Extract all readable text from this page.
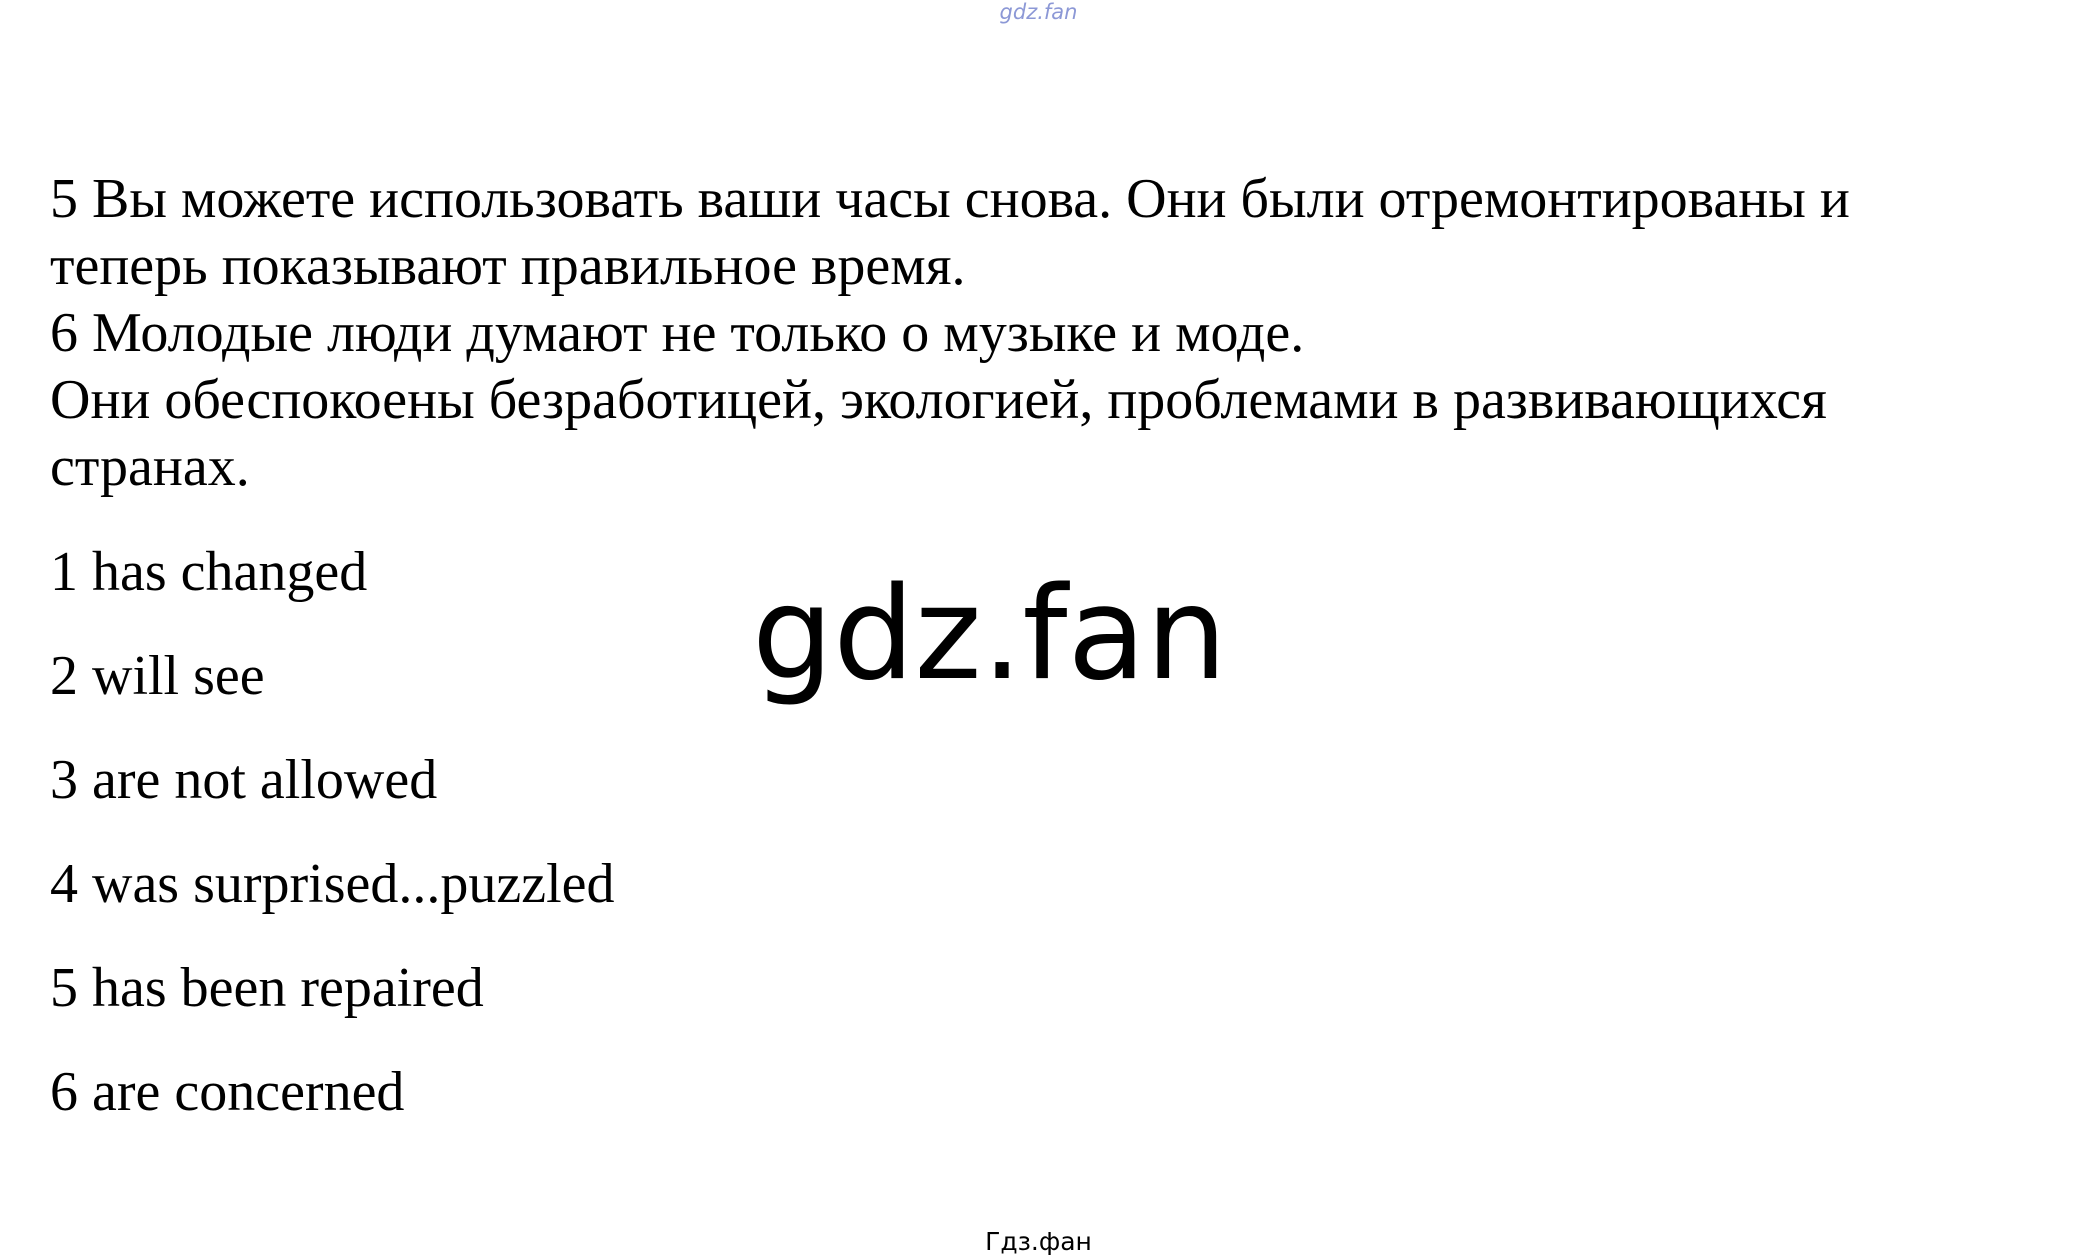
gdz.fan

5 Вы можете использовать ваши часы снова. Они были отремонтированы и

теперь показывают правильное время.

6 Молодые люди думают не только о музыке и моде.

Они обеспокоены безработицей, экологией, проблемами в развивающихся

странах.

1 has changed
2 will see
3 are not allowed
4 was surprised...puzzled
5 has been repaired
6 are concerned
gdz.fan
Гдз.фан
